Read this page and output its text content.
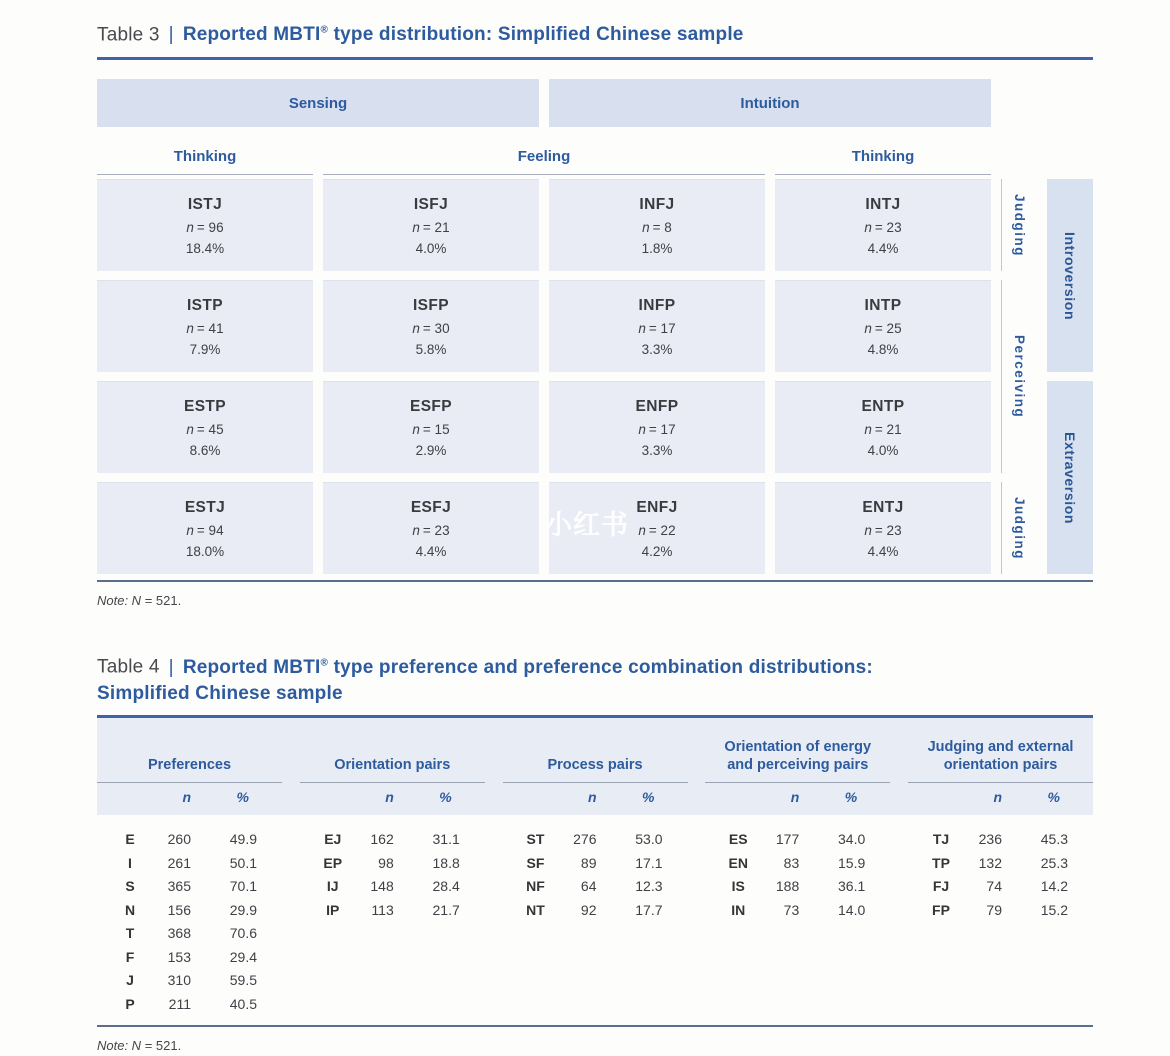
Table 3 | Reported MBTI® type distribution: Simplified Chinese sample
Sensing	Intuition
Thinking	Feeling	Thinking
ISTJ
n = 96
18.4%
ISFJ
n = 21
4.0%
INFJ
n = 8
1.8%
INTJ
n = 23
4.4%
ISTP
n = 41
7.9%
ISFP
n = 30
5.8%
INFP
n = 17
3.3%
INTP
n = 25
4.8%
ESTP
n = 45
8.6%
ESFP
n = 15
2.9%
ENFP
n = 17
3.3%
ENTP
n = 21
4.0%
ESTJ
n = 94
18.0%
ESFJ
n = 23
4.4%
ENFJ
n = 22
4.2%
ENTJ
n = 23
4.4%
Judging
Perceiving
Judging
Introversion
Extraversion
Note: N = 521.
小红书
Table 4 | Reported MBTI® type preference and preference combination distributions:
Simplified Chinese sample
Preferences
n	%
E	260	49.9
I	261	50.1
S	365	70.1
N	156	29.9
T	368	70.6
F	153	29.4
J	310	59.5
P	211	40.5
Orientation pairs
n	%
EJ	162	31.1
EP	98	18.8
IJ	148	28.4
IP	113	21.7
Process pairs
n	%
ST	276	53.0
SF	89	17.1
NF	64	12.3
NT	92	17.7
Orientation of energy
and perceiving pairs
n	%
ES	177	34.0
EN	83	15.9
IS	188	36.1
IN	73	14.0
Judging and external
orientation pairs
n	%
TJ	236	45.3
TP	132	25.3
FJ	74	14.2
FP	79	15.2
Note: N = 521.
